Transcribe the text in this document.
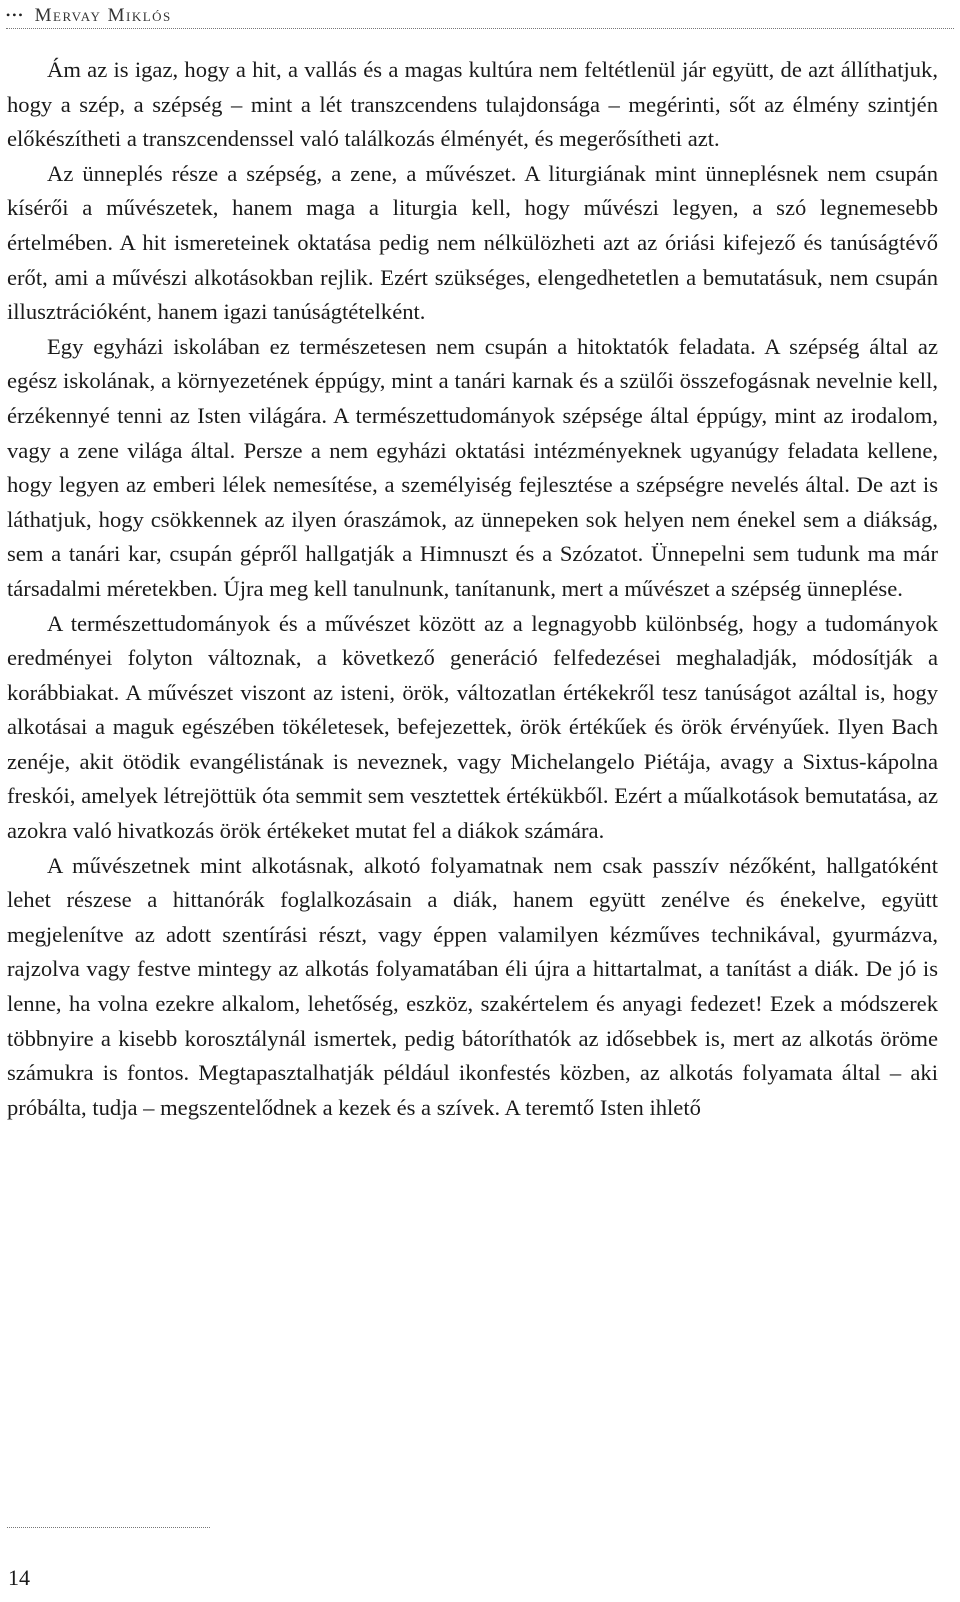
••• Mervay Miklós

Ám az is igaz, hogy a hit, a vallás és a magas kultúra nem feltétlenül jár együtt, de azt állíthatjuk, hogy a szép, a szépség – mint a lét transzcendens tulajdonsága – megérinti, sőt az élmény szintjén előkészítheti a transzcendenssel való találkozás élményét, és megerősítheti azt.

Az ünneplés része a szépség, a zene, a művészet. A liturgiának mint ünneplésnek nem csupán kísérői a művészetek, hanem maga a liturgia kell, hogy művészi legyen, a szó legnemesebb értelmében. A hit ismereteinek oktatása pedig nem nélkülözheti azt az óriási kifejező és tanúságtévő erőt, ami a művészi alkotásokban rejlik. Ezért szükséges, elengedhetetlen a bemutatásuk, nem csupán illusztrációként, hanem igazi tanúságtételként.

Egy egyházi iskolában ez természetesen nem csupán a hitoktatók feladata. A szépség által az egész iskolának, a környezetének éppúgy, mint a tanári karnak és a szülői összefogásnak nevelnie kell, érzékennyé tenni az Isten világára. A természettudományok szépsége által éppúgy, mint az irodalom, vagy a zene világa által. Persze a nem egyházi oktatási intézményeknek ugyanúgy feladata kellene, hogy legyen az emberi lélek nemesítése, a személyiség fejlesztése a szépségre nevelés által. De azt is láthatjuk, hogy csökkennek az ilyen óraszámok, az ünnepeken sok helyen nem énekel sem a diákság, sem a tanári kar, csupán gépről hallgatják a Himnuszt és a Szózatot. Ünnepelni sem tudunk ma már társadalmi méretekben. Újra meg kell tanulnunk, tanítanunk, mert a művészet a szépség ünneplése.

A természettudományok és a művészet között az a legnagyobb különbség, hogy a tudományok eredményei folyton változnak, a következő generáció felfedezései meghaladják, módosítják a korábbiakat. A művészet viszont az isteni, örök, változatlan értékekről tesz tanúságot azáltal is, hogy alkotásai a maguk egészében tökéletesek, befejezettek, örök értékűek és örök érvényűek. Ilyen Bach zenéje, akit ötödik evangélistának is neveznek, vagy Michelangelo Piétája, avagy a Sixtus-kápolna freskói, amelyek létrejöttük óta semmit sem vesztettek értékükből. Ezért a műalkotások bemutatása, az azokra való hivatkozás örök értékeket mutat fel a diákok számára.

A művészetnek mint alkotásnak, alkotó folyamatnak nem csak passzív nézőként, hallgatóként lehet részese a hittanórák foglalkozásain a diák, hanem együtt zenélve és énekelve, együtt megjelenítve az adott szentírási részt, vagy éppen valamilyen kézműves technikával, gyurmázva, rajzolva vagy festve mintegy az alkotás folyamatában éli újra a hittartalmat, a tanítást a diák. De jó is lenne, ha volna ezekre alkalom, lehetőség, eszköz, szakértelem és anyagi fedezet! Ezek a módszerek többnyire a kisebb korosztálynál ismertek, pedig bátoríthatók az idősebbek is, mert az alkotás öröme számukra is fontos. Megtapasztalhatják például ikonfestés közben, az alkotás folyamata által – aki próbálta, tudja – megszentelődnek a kezek és a szívek. A teremtő Isten ihlető

14
